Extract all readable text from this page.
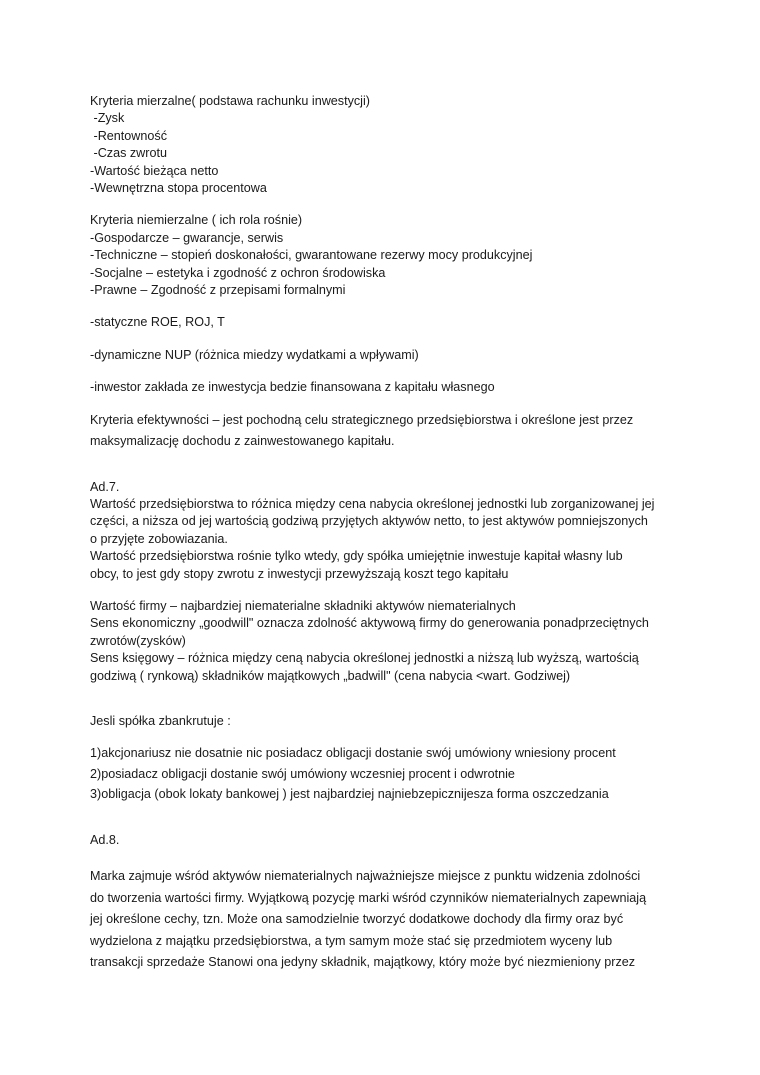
Kryteria mierzalne( podstawa rachunku inwestycji)
-Zysk
-Rentowność
-Czas zwrotu
-Wartość bieżąca netto
-Wewnętrzna stopa procentowa
Kryteria niemierzalne ( ich rola rośnie)
-Gospodarcze – gwarancje, serwis
-Techniczne – stopień doskonałości, gwarantowane rezerwy mocy produkcyjnej
-Socjalne – estetyka i zgodność z ochron środowiska
-Prawne – Zgodność z przepisami formalnymi
-statyczne ROE, ROJ, T
-dynamiczne NUP (różnica miedzy wydatkami a wpływami)
-inwestor zakłada ze inwestycja bedzie finansowana z kapitału własnego
Kryteria efektywności – jest pochodną celu strategicznego przedsiębiorstwa i określone jest przez
maksymalizację dochodu z zainwestowanego kapitału.
Ad.7.
Wartość przedsiębiorstwa to różnica między cena nabycia określonej jednostki lub zorganizowanej jej
części, a niższa od jej wartością godziwą przyjętych aktywów netto, to jest aktywów pomniejszonych
o przyjęte zobowiazania.
Wartość przedsiębiorstwa rośnie tylko wtedy, gdy spółka umiejętnie inwestuje kapitał własny lub
obcy, to jest gdy stopy zwrotu z inwestycji przewyższają koszt tego kapitału
Wartość firmy – najbardziej niematerialne składniki aktywów niematerialnych
Sens ekonomiczny „goodwill" oznacza zdolność aktywową firmy do generowania ponadprzeciętnych
zwrotów(zysków)
Sens księgowy – różnica między ceną nabycia określonej jednostki a niższą lub wyższą, wartością
godziwą ( rynkową) składników majątkowych „badwill" (cena nabycia <wart. Godziwej)
Jesli spółka zbankrutuje :
1)akcjonariusz nie dosatnie nic posiadacz obligacji dostanie swój umówiony wniesiony procent
2)posiadacz obligacji dostanie swój umówiony wczesniej procent i odwrotnie
3)obligacja (obok lokaty bankowej ) jest najbardziej najniebzepicznijesza forma oszczedzania
Ad.8.
Marka zajmuje wśród aktywów niematerialnych najważniejsze miejsce z punktu widzenia zdolności
do tworzenia wartości firmy. Wyjątkową pozycję marki wśród czynników niematerialnych zapewniają
jej określone cechy, tzn. Może ona samodzielnie tworzyć dodatkowe dochody dla firmy oraz być
wydzielona z majątku przedsiębiorstwa, a tym samym może stać się przedmiotem wyceny lub
transakcji sprzedaże Stanowi ona jedyny składnik, majątkowy, który może być niezmieniony przez
